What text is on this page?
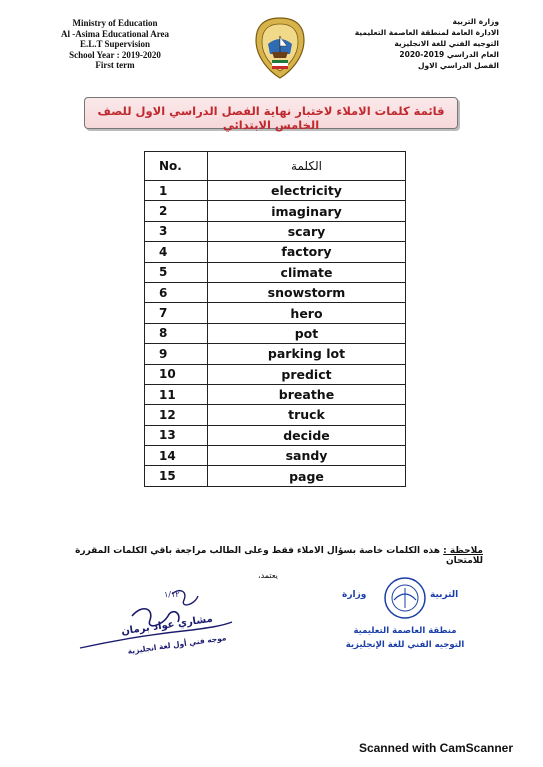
Ministry of Education
Al -Asima Educational Area
E.L.T Supervision
School Year : 2019-2020
First term
وزارة التربية
الادارة العامة لمنطقة العاصمة التعليمية
التوجيه الفني للغة الانجليزية
العام الدراسي 2019-2020
الفصل الدراسي الاول
قائمة كلمات الاملاء لاختبار نهاية الفصل الدراسي الاول للصف الخامس الابتدائي
No.	الكلمة
1	electricity
2	imaginary
3	scary
4	factory
5	climate
6	snowstorm
7	hero
8	pot
9	parking lot
10	predict
11	breathe
12	truck
13	decide
14	sandy
15	page
ملاحظة : هذه الكلمات خاصة بسؤال الاملاء فقط وعلى الطالب مراجعة باقي الكلمات المقررة للامتحان
يعتمد،
١/١٢
مشاري عواد برمان
موجه فني أول لغة انجليزية
وزارة	التربية
منطقة العاصمة التعليمية
التوجيه الفني للغة الإنجليزية
Scanned with CamScanner
